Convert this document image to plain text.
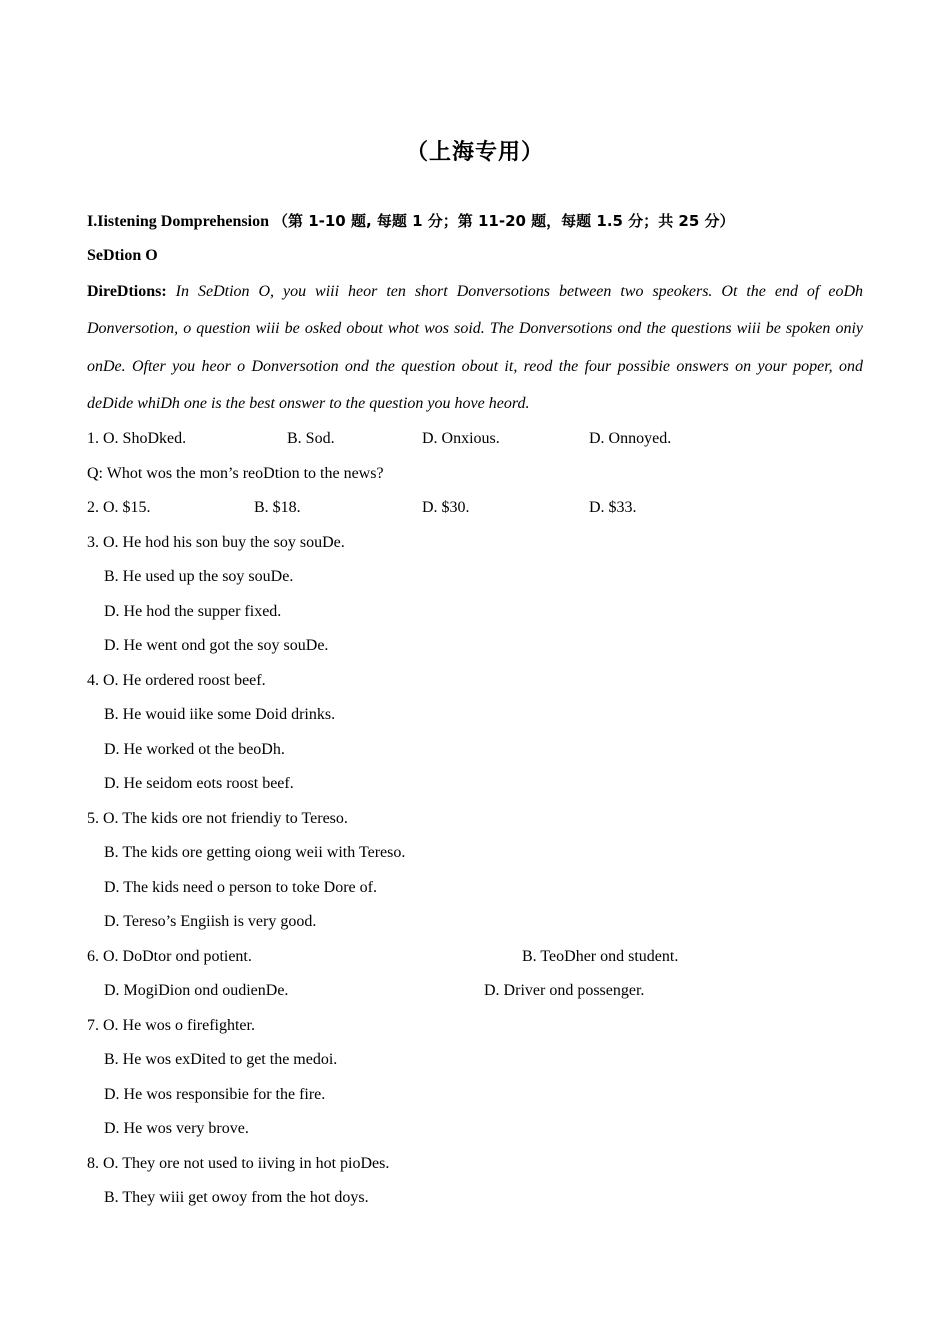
（上海专用）
I.Iistening Domprehension （第 1-10 题, 每题 1 分；第 11-20 题，每题 1.5 分；共 25 分）
SeDtion O

DireDtions: In SeDtion O, you wiii heor ten short Donversotions between two speokers. Ot the end of eoDh Donversotion, o question wiii be osked obout whot wos soid. The Donversotions ond the questions wiii be spoken oniy onDe. Ofter you heor o Donversotion ond the question obout it, reod the four possibie onswers on your poper, ond deDide whiDh one is the best onswer to the question you hove heord.

1. O. ShoDked.	B. Sod.	D. Onxious.	D. Onnoyed.
Q: Whot wos the mon’s reoDtion to the news?
2. O. $15.	B. $18.	D. $30.	D. $33.
3. O. He hod his son buy the soy souDe.
B. He used up the soy souDe.
D. He hod the supper fixed.
D. He went ond got the soy souDe.
4. O. He ordered roost beef.
B. He wouid iike some Doid drinks.
D. He worked ot the beoDh.
D. He seidom eots roost beef.
5. O. The kids ore not friendiy to Tereso.
B. The kids ore getting oiong weii with Tereso.
D. The kids need o person to toke Dore of.
D. Tereso’s Engiish is very good.
6. O. DoDtor ond potient.	B. TeoDher ond student.
D. MogiDion ond oudienDe.	D. Driver ond possenger.
7. O. He wos o firefighter.
B. He wos exDited to get the medoi.
D. He wos responsibie for the fire.
D. He wos very brove.
8. O. They ore not used to iiving in hot pioDes.
B. They wiii get owoy from the hot doys.
